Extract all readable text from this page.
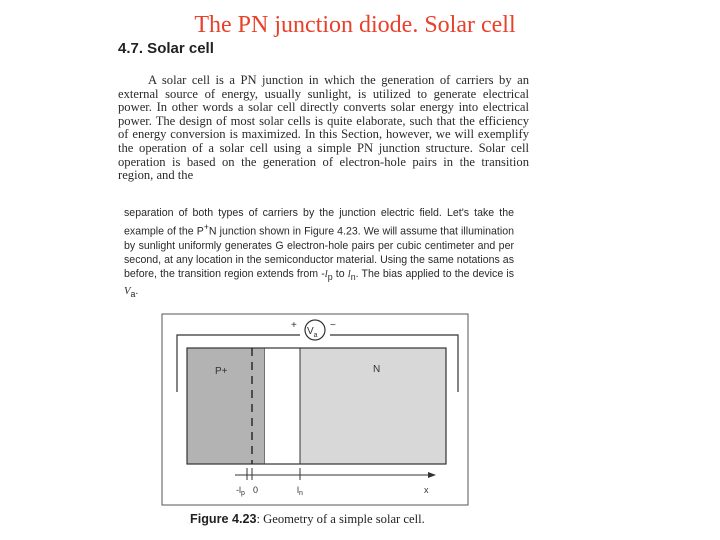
The PN junction diode. Solar cell
4.7. Solar cell
A solar cell is a PN junction in which the generation of carriers by an external source of energy, usually sunlight, is utilized to generate electrical power. In other words a solar cell directly converts solar energy into electrical power. The design of most solar cells is quite elaborate, such that the efficiency of energy conversion is maximized. In this Section, however, we will exemplify the operation of a solar cell using a simple PN junction structure. Solar cell operation is based on the generation of electron-hole pairs in the transition region, and the
separation of both types of carriers by the junction electric field. Let's take the example of the P+N junction shown in Figure 4.23. We will assume that illumination by sunlight uniformly generates G electron-hole pairs per cubic centimeter and per second, at any location in the semiconductor material. Using the same notations as before, the transition region extends from $-l_p$ to $l_n$. The bias applied to the device is $V_a$.
$V_a$
+	−
P+	N
$-l_p$ 0	$l_n$	x
Figure 4.23: Geometry of a simple solar cell.
